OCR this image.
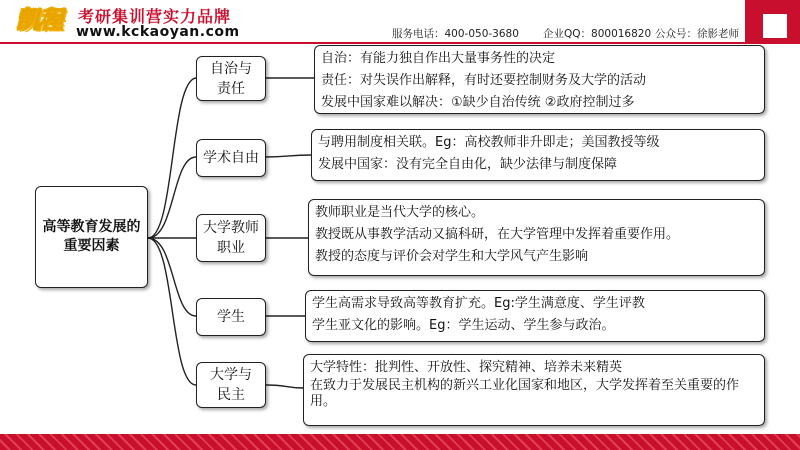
凯程	考研集训营实力品牌
www.kckaoyan.com	服务电话：400-050-3680 企业QQ：800016820 公众号：徐影老师
高等教育发展的
重要因素
自治与
责任
自治：有能力独自作出大量事务性的决定
责任：对失误作出解释，有时还要控制财务及大学的活动
发展中国家难以解决：①缺少自治传统 ②政府控制过多
学术自由
与聘用制度相关联。Eg：高校教师非升即走；美国教授等级
发展中国家：没有完全自由化，缺少法律与制度保障
大学教师
职业
教师职业是当代大学的核心。
教授既从事教学活动又搞科研，在大学管理中发挥着重要作用。
教授的态度与评价会对学生和大学风气产生影响
学生
学生高需求导致高等教育扩充。Eg:学生满意度、学生评教
学生亚文化的影响。Eg：学生运动、学生参与政治。
大学与
民主
大学特性：批判性、开放性、探究精神、培养未来精英
在致力于发展民主机构的新兴工业化国家和地区，大学发挥着至关重要的作用。
